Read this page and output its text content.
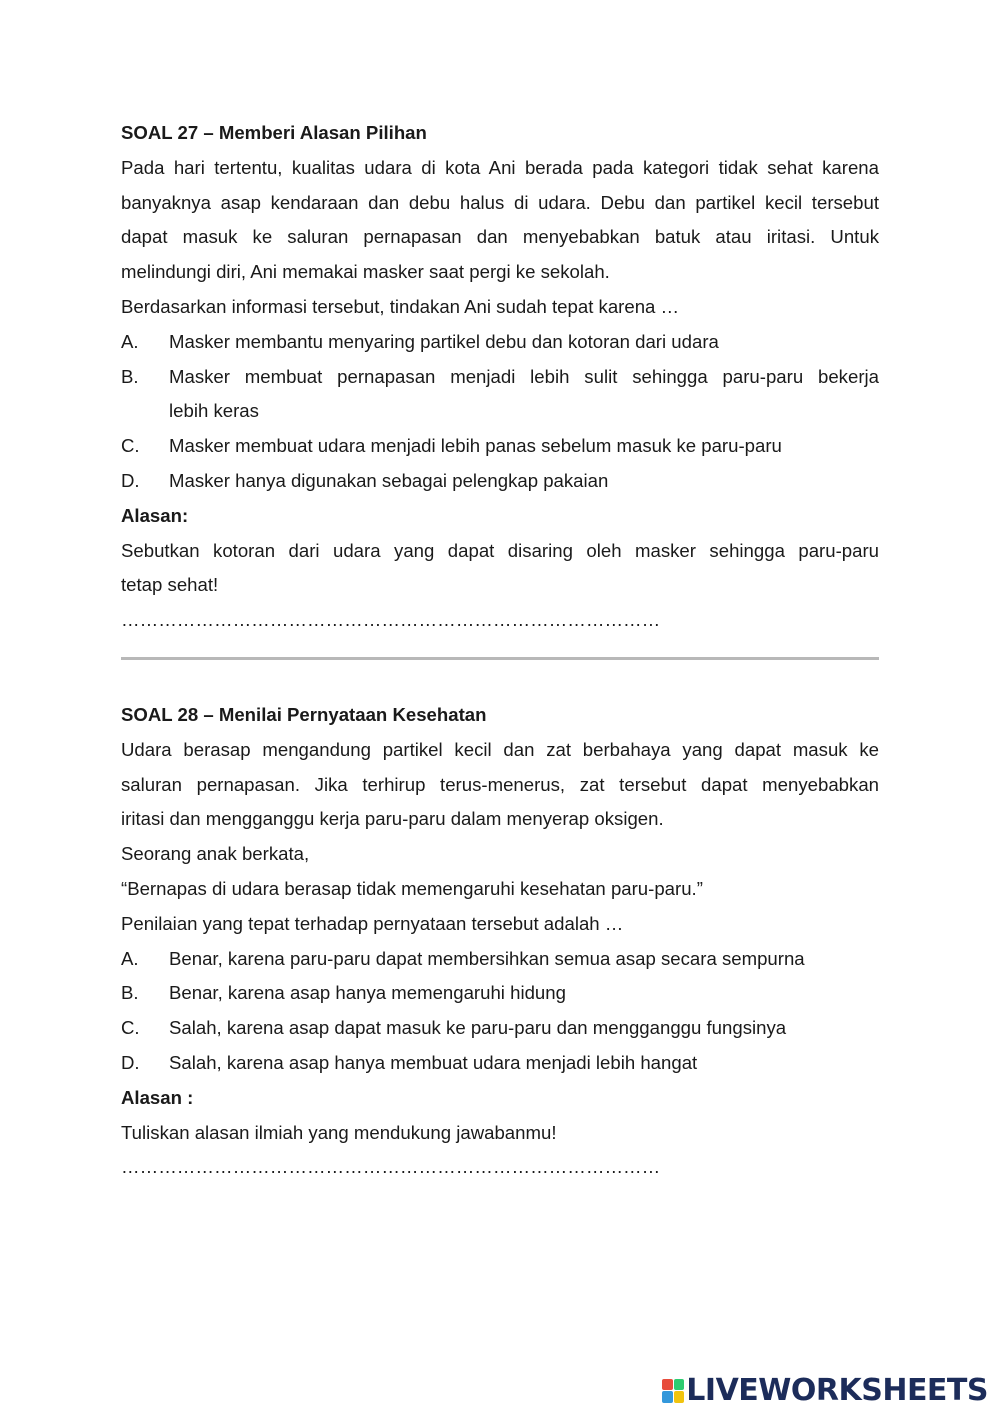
SOAL 27 – Memberi Alasan Pilihan

Pada hari tertentu, kualitas udara di kota Ani berada pada kategori tidak sehat karena

banyaknya asap kendaraan dan debu halus di udara. Debu dan partikel kecil tersebut

dapat masuk ke saluran pernapasan dan menyebabkan batuk atau iritasi. Untuk

melindungi diri, Ani memakai masker saat pergi ke sekolah.

Berdasarkan informasi tersebut, tindakan Ani sudah tepat karena …

A.	Masker membantu menyaring partikel debu dan kotoran dari udara
B.	Masker membuat pernapasan menjadi lebih sulit sehingga paru-paru bekerja
lebih keras
C.	Masker membuat udara menjadi lebih panas sebelum masuk ke paru-paru
D.	Masker hanya digunakan sebagai pelengkap pakaian

Alasan:

Sebutkan kotoran dari udara yang dapat disaring oleh masker sehingga paru-paru

tetap sehat!

……………………………………………………………………………

SOAL 28 – Menilai Pernyataan Kesehatan

Udara berasap mengandung partikel kecil dan zat berbahaya yang dapat masuk ke

saluran pernapasan. Jika terhirup terus-menerus, zat tersebut dapat menyebabkan

iritasi dan mengganggu kerja paru-paru dalam menyerap oksigen.

Seorang anak berkata,

“Bernapas di udara berasap tidak memengaruhi kesehatan paru-paru.”

Penilaian yang tepat terhadap pernyataan tersebut adalah …

A.	Benar, karena paru-paru dapat membersihkan semua asap secara sempurna
B.	Benar, karena asap hanya memengaruhi hidung
C.	Salah, karena asap dapat masuk ke paru-paru dan mengganggu fungsinya
D.	Salah, karena asap hanya membuat udara menjadi lebih hangat

Alasan :

Tuliskan alasan ilmiah yang mendukung jawabanmu!

……………………………………………………………………………
LIVEWORKSHEETS
